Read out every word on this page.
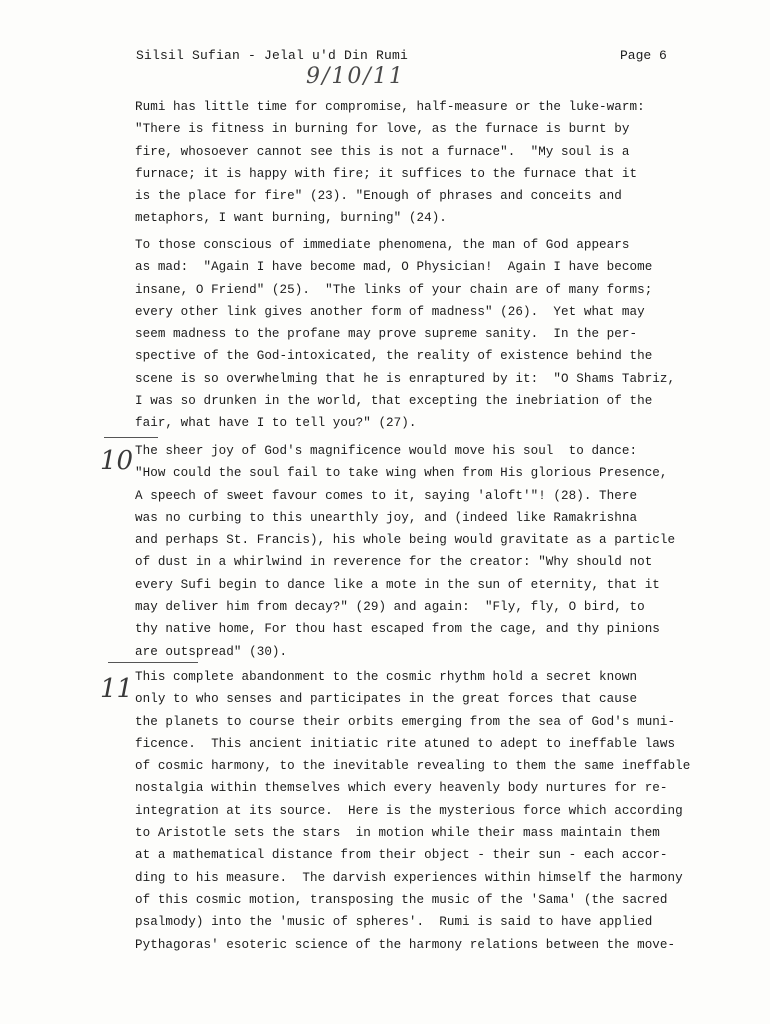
Silsil Sufian - Jelal u'd Din Rumi	Page 6
9/10/11
Rumi has little time for compromise, half-measure or the luke-warm:
"There is fitness in burning for love, as the furnace is burnt by
fire, whosoever cannot see this is not a furnace".  "My soul is a
furnace; it is happy with fire; it suffices to the furnace that it
is the place for fire" (23). "Enough of phrases and conceits and
metaphors, I want burning, burning" (24).
To those conscious of immediate phenomena, the man of God appears
as mad:  "Again I have become mad, O Physician!  Again I have become
insane, O Friend" (25).  "The links of your chain are of many forms;
every other link gives another form of madness" (26).  Yet what may
seem madness to the profane may prove supreme sanity.  In the per-
spective of the God-intoxicated, the reality of existence behind the
scene is so overwhelming that he is enraptured by it:  "O Shams Tabriz,
I was so drunken in the world, that excepting the inebriation of the
fair, what have I to tell you?" (27).
10 The sheer joy of God's magnificence would move his soul  to dance:
"How could the soul fail to take wing when from His glorious Presence,
A speech of sweet favour comes to it, saying 'aloft'"! (28). There
was no curbing to this unearthly joy, and (indeed like Ramakrishna
and perhaps St. Francis), his whole being would gravitate as a particle
of dust in a whirlwind in reverence for the creator: "Why should not
every Sufi begin to dance like a mote in the sun of eternity, that it
may deliver him from decay?" (29) and again:  "Fly, fly, O bird, to
thy native home, For thou hast escaped from the cage, and thy pinions
are outspread" (30).
11 This complete abandonment to the cosmic rhythm hold a secret known
only to who senses and participates in the great forces that cause
the planets to course their orbits emerging from the sea of God's muni-
ficence.  This ancient initiatic rite atuned to adept to ineffable laws
of cosmic harmony, to the inevitable revealing to them the same ineffable
nostalgia within themselves which every heavenly body nurtures for re-
integration at its source.  Here is the mysterious force which according
to Aristotle sets the stars  in motion while their mass maintain them
at a mathematical distance from their object - their sun - each accor-
ding to his measure.  The darvish experiences within himself the harmony
of this cosmic motion, transposing the music of the 'Sama' (the sacred
psalmody) into the 'music of spheres'.  Rumi is said to have applied
Pythagoras' esoteric science of the harmony relations between the move-
